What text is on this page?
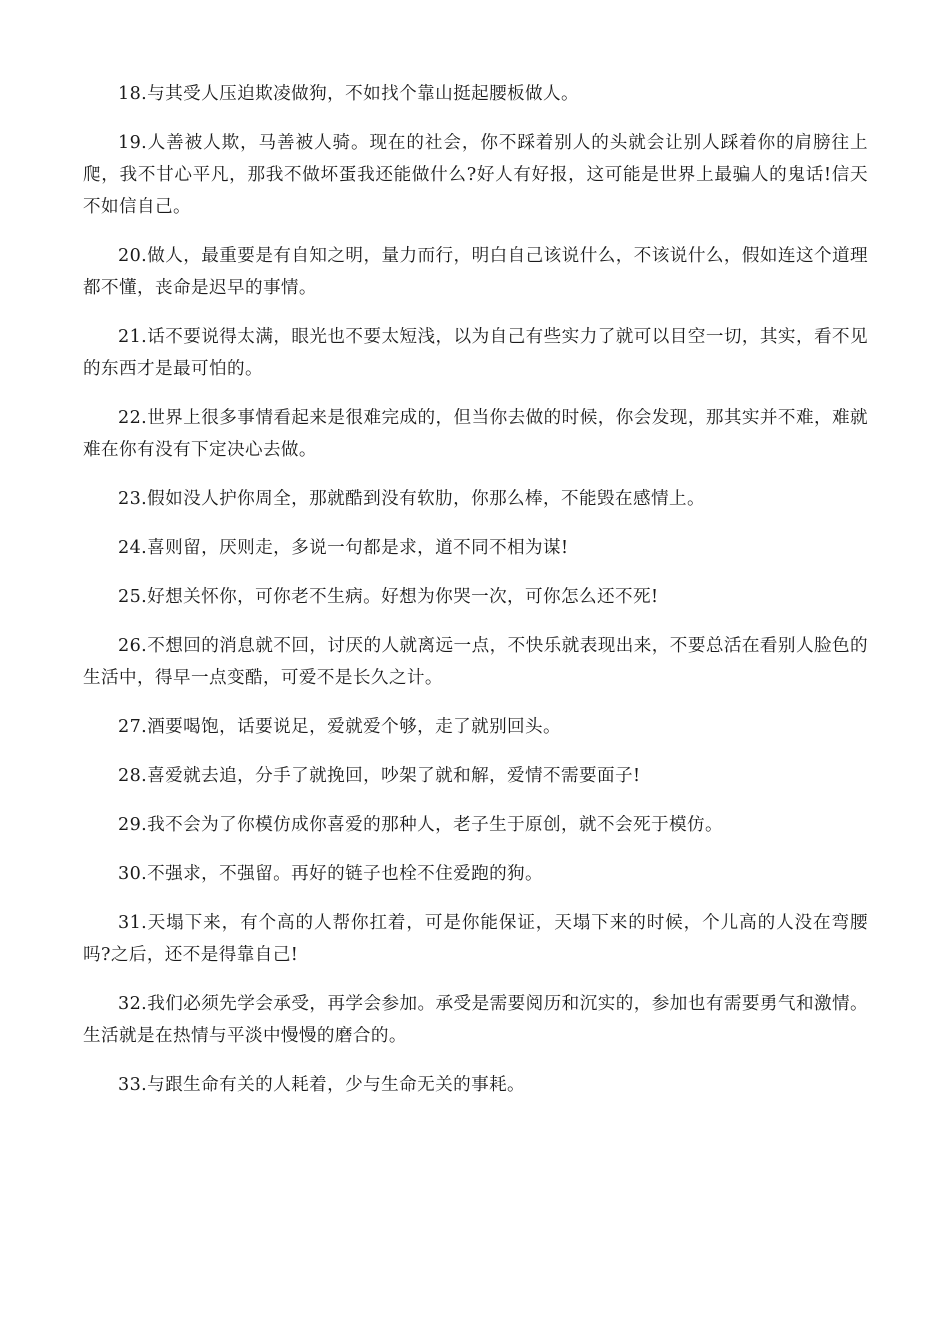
18.与其受人压迫欺凌做狗，不如找个靠山挺起腰板做人。

19.人善被人欺，马善被人骑。现在的社会，你不踩着别人的头就会让别人踩着你的肩膀往上爬，我不甘心平凡，那我不做坏蛋我还能做什么?好人有好报，这可能是世界上最骗人的鬼话!信天不如信自己。

20.做人，最重要是有自知之明，量力而行，明白自己该说什么，不该说什么，假如连这个道理都不懂，丧命是迟早的事情。

21.话不要说得太满，眼光也不要太短浅，以为自己有些实力了就可以目空一切，其实，看不见的东西才是最可怕的。

22.世界上很多事情看起来是很难完成的，但当你去做的时候，你会发现，那其实并不难，难就难在你有没有下定决心去做。

23.假如没人护你周全，那就酷到没有软肋，你那么棒，不能毁在感情上。

24.喜则留，厌则走，多说一句都是求，道不同不相为谋!

25.好想关怀你，可你老不生病。好想为你哭一次，可你怎么还不死!

26.不想回的消息就不回，讨厌的人就离远一点，不快乐就表现出来，不要总活在看别人脸色的生活中，得早一点变酷，可爱不是长久之计。

27.酒要喝饱，话要说足，爱就爱个够，走了就别回头。

28.喜爱就去追，分手了就挽回，吵架了就和解，爱情不需要面子!

29.我不会为了你模仿成你喜爱的那种人，老子生于原创，就不会死于模仿。

30.不强求，不强留。再好的链子也栓不住爱跑的狗。

31.天塌下来，有个高的人帮你扛着，可是你能保证，天塌下来的时候，个儿高的人没在弯腰吗?之后，还不是得靠自己!

32.我们必须先学会承受，再学会参加。承受是需要阅历和沉实的，参加也有需要勇气和激情。生活就是在热情与平淡中慢慢的磨合的。

33.与跟生命有关的人耗着，少与生命无关的事耗。
